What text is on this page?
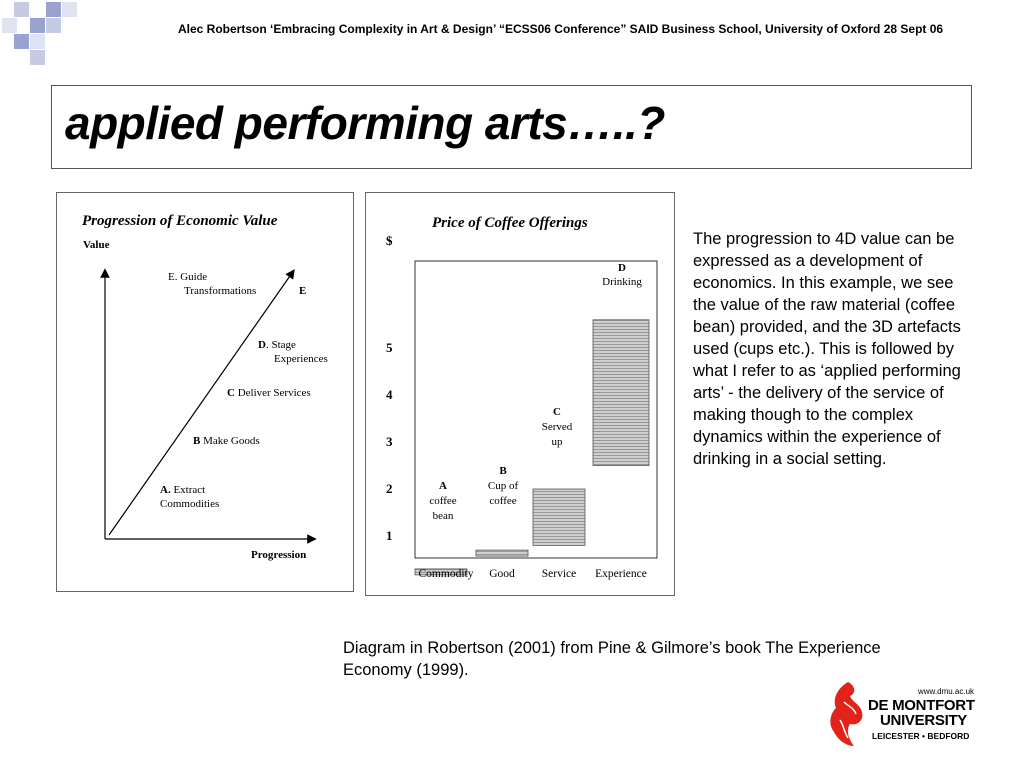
Alec Robertson ‘Embracing Complexity in Art & Design’ “ECSS06 Conference” SAID Business School, University of Oxford 28 Sept 06
applied performing arts…..?
Progression of Economic Value
Value
Progression
A. Extract
Commodities
B Make Goods
C Deliver Services
D. Stage
Experiences
E. Guide
Transformations	E
Price of Coffee Offerings
$
5
4
3
2
1
Commodity Good Service Experience
A
coffee
bean
B
Cup of
coffee
C
Served
up
D
Drinking
The progression to 4D value can be expressed as a development of economics. In this example, we see the value of the raw material (coffee bean) provided, and the 3D artefacts used (cups etc.). This is followed by what I refer to as ‘applied performing arts’ - the delivery of the service of making though to the complex dynamics within the experience of drinking in a social setting.
Diagram in Robertson (2001) from Pine & Gilmore’s book The Experience Economy (1999).
www.dmu.ac.uk
DE MONTFORT
UNIVERSITY
LEICESTER • BEDFORD
